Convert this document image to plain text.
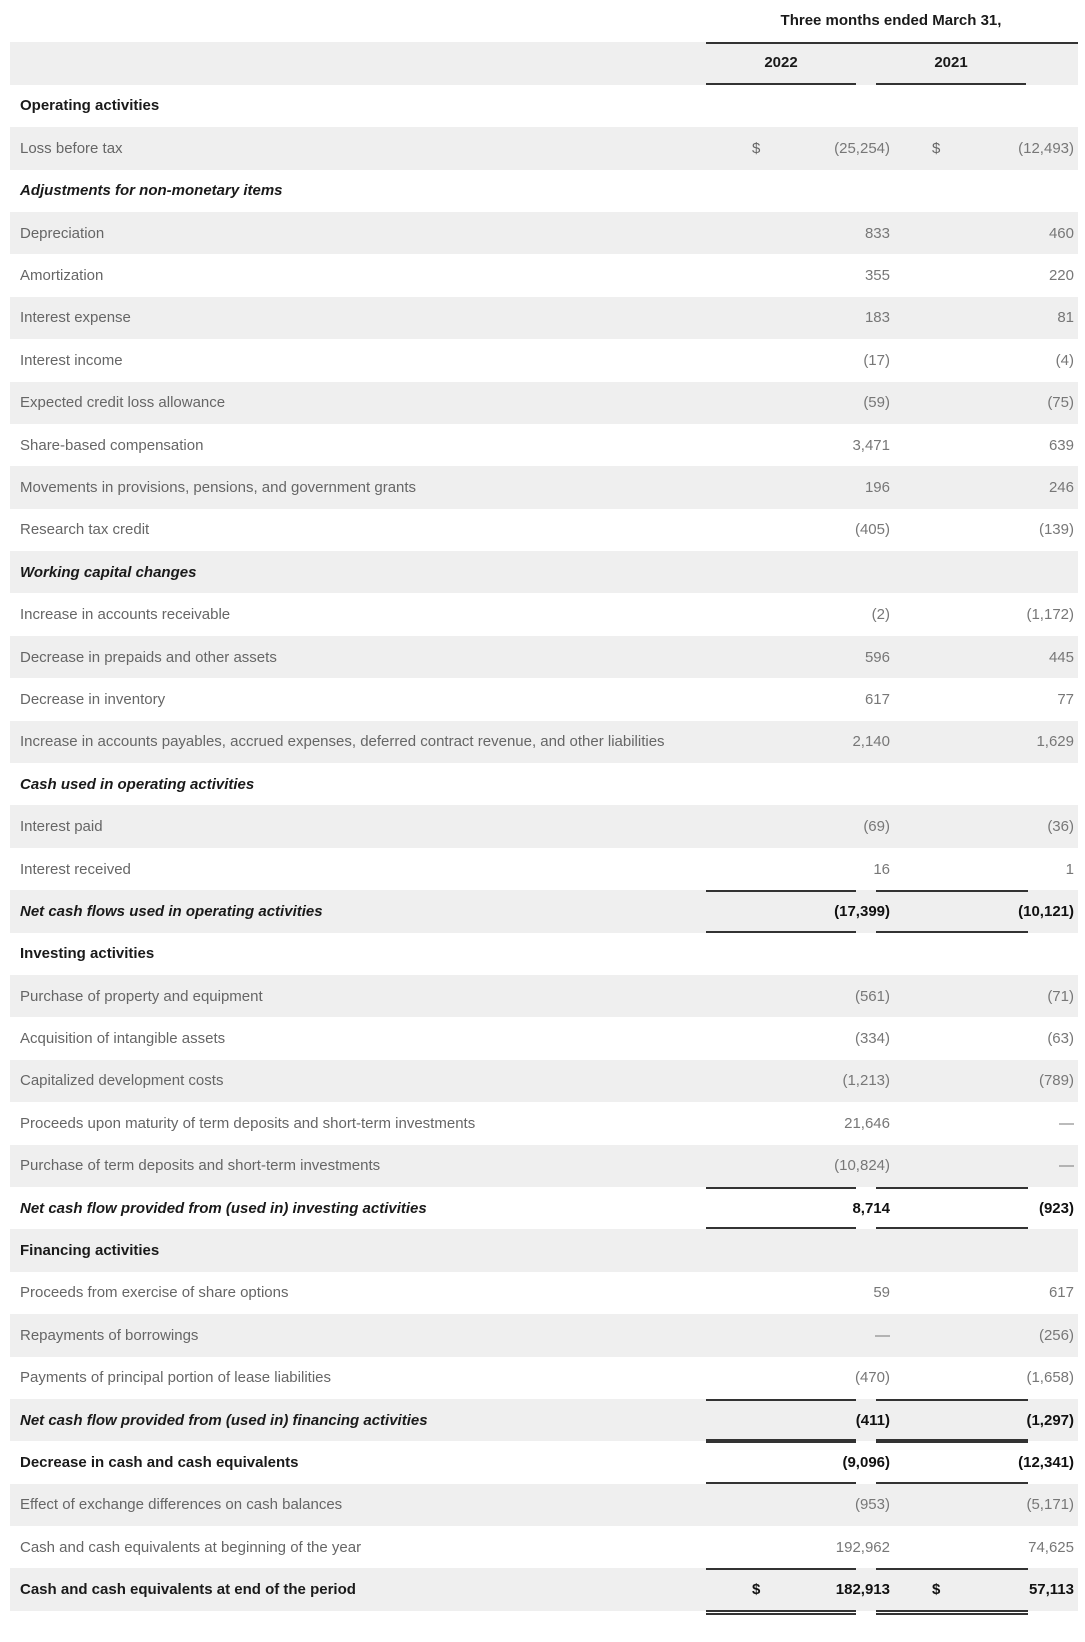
Three months ended March 31,
2022	2021
Operating activities
Loss before tax	$	(25,254)	$	(12,493)
Adjustments for non-monetary items
Depreciation	833	460
Amortization	355	220
Interest expense	183	81
Interest income	(17)	(4)
Expected credit loss allowance	(59)	(75)
Share-based compensation	3,471	639
Movements in provisions, pensions, and government grants	196	246
Research tax credit	(405)	(139)
Working capital changes
Increase in accounts receivable	(2)	(1,172)
Decrease in prepaids and other assets	596	445
Decrease in inventory	617	77
Increase in accounts payables, accrued expenses, deferred contract revenue, and other liabilities	2,140	1,629
Cash used in operating activities
Interest paid	(69)	(36)
Interest received	16	1
Net cash flows used in operating activities	(17,399)	(10,121)
Investing activities
Purchase of property and equipment	(561)	(71)
Acquisition of intangible assets	(334)	(63)
Capitalized development costs	(1,213)	(789)
Proceeds upon maturity of term deposits and short-term investments	21,646	—
Purchase of term deposits and short-term investments	(10,824)	—
Net cash flow provided from (used in) investing activities	8,714	(923)
Financing activities
Proceeds from exercise of share options	59	617
Repayments of borrowings	—	(256)
Payments of principal portion of lease liabilities	(470)	(1,658)
Net cash flow provided from (used in) financing activities	(411)	(1,297)
Decrease in cash and cash equivalents	(9,096)	(12,341)
Effect of exchange differences on cash balances	(953)	(5,171)
Cash and cash equivalents at beginning of the year	192,962	74,625
Cash and cash equivalents at end of the period	$	182,913	$	57,113
